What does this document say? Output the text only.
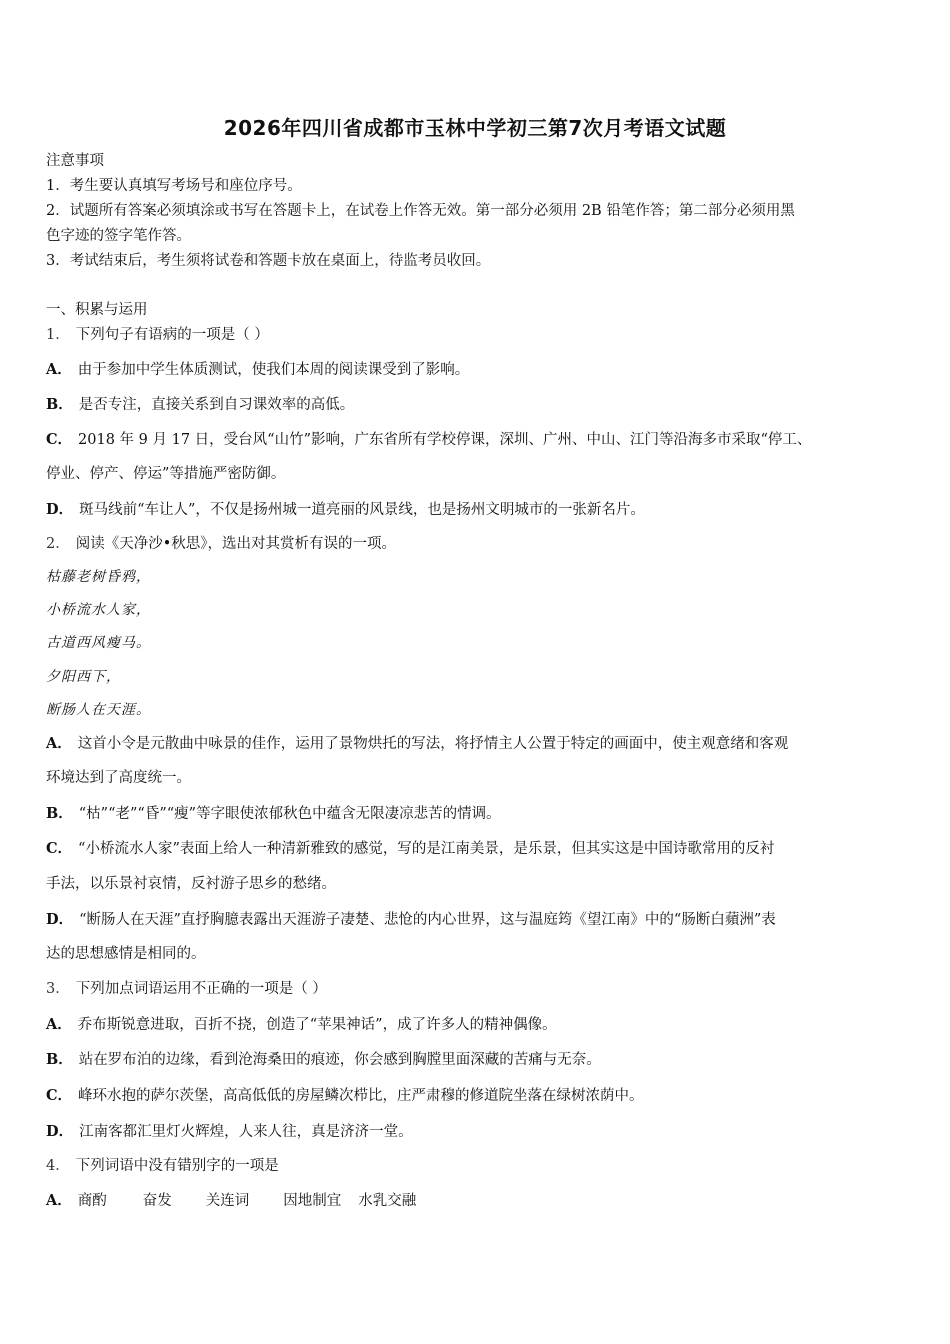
2026年四川省成都市玉林中学初三第7次月考语文试题
注意事项
1．考生要认真填写考场号和座位序号。
2．试题所有答案必须填涂或书写在答题卡上，在试卷上作答无效。第一部分必须用 2B 铅笔作答；第二部分必须用黑
色字迹的签字笔作答。
3．考试结束后，考生须将试卷和答题卡放在桌面上，待监考员收回。
一、积累与运用
1． 下列句子有语病的一项是（ ）
A． 由于参加中学生体质测试，使我们本周的阅读课受到了影响。
B． 是否专注，直接关系到自习课效率的高低。
C． 2018 年 9 月 17 日，受台风“山竹”影响，广东省所有学校停课，深圳、广州、中山、江门等沿海多市采取“停工、
停业、停产、停运”等措施严密防御。
D． 斑马线前“车让人”，不仅是扬州城一道亮丽的风景线，也是扬州文明城市的一张新名片。
2． 阅读《天净沙•秋思》，选出对其赏析有误的一项。
枯藤老树昏鸦，
小桥流水人家，
古道西风瘦马。
夕阳西下，
断肠人在天涯。
A． 这首小令是元散曲中咏景的佳作，运用了景物烘托的写法，将抒情主人公置于特定的画面中，使主观意绪和客观
环境达到了高度统一。
B． “枯”“老”“昏”“瘦”等字眼使浓郁秋色中蕴含无限凄凉悲苦的情调。
C． “小桥流水人家”表面上给人一种清新雅致的感觉，写的是江南美景，是乐景，但其实这是中国诗歌常用的反衬
手法，以乐景衬哀情，反衬游子思乡的愁绪。
D． “断肠人在天涯”直抒胸臆表露出天涯游子凄楚、悲怆的内心世界，这与温庭筠《望江南》中的“肠断白蘋洲”表
达的思想感情是相同的。
3． 下列加点词语运用不正确的一项是（ ）
A． 乔布斯锐意进取，百折不挠，创造了“苹果神话”，成了许多人的精神偶像。
B． 站在罗布泊的边缘，看到沧海桑田的痕迹，你会感到胸膛里面深藏的苦痛与无奈。
C． 峰环水抱的萨尔茨堡，高高低低的房屋鳞次栉比，庄严肃穆的修道院坐落在绿树浓荫中。
D． 江南客都汇里灯火辉煌，人来人往，真是济济一堂。
4． 下列词语中没有错别字的一项是
A． 商酌 奋发 关连词 因地制宜 水乳交融
